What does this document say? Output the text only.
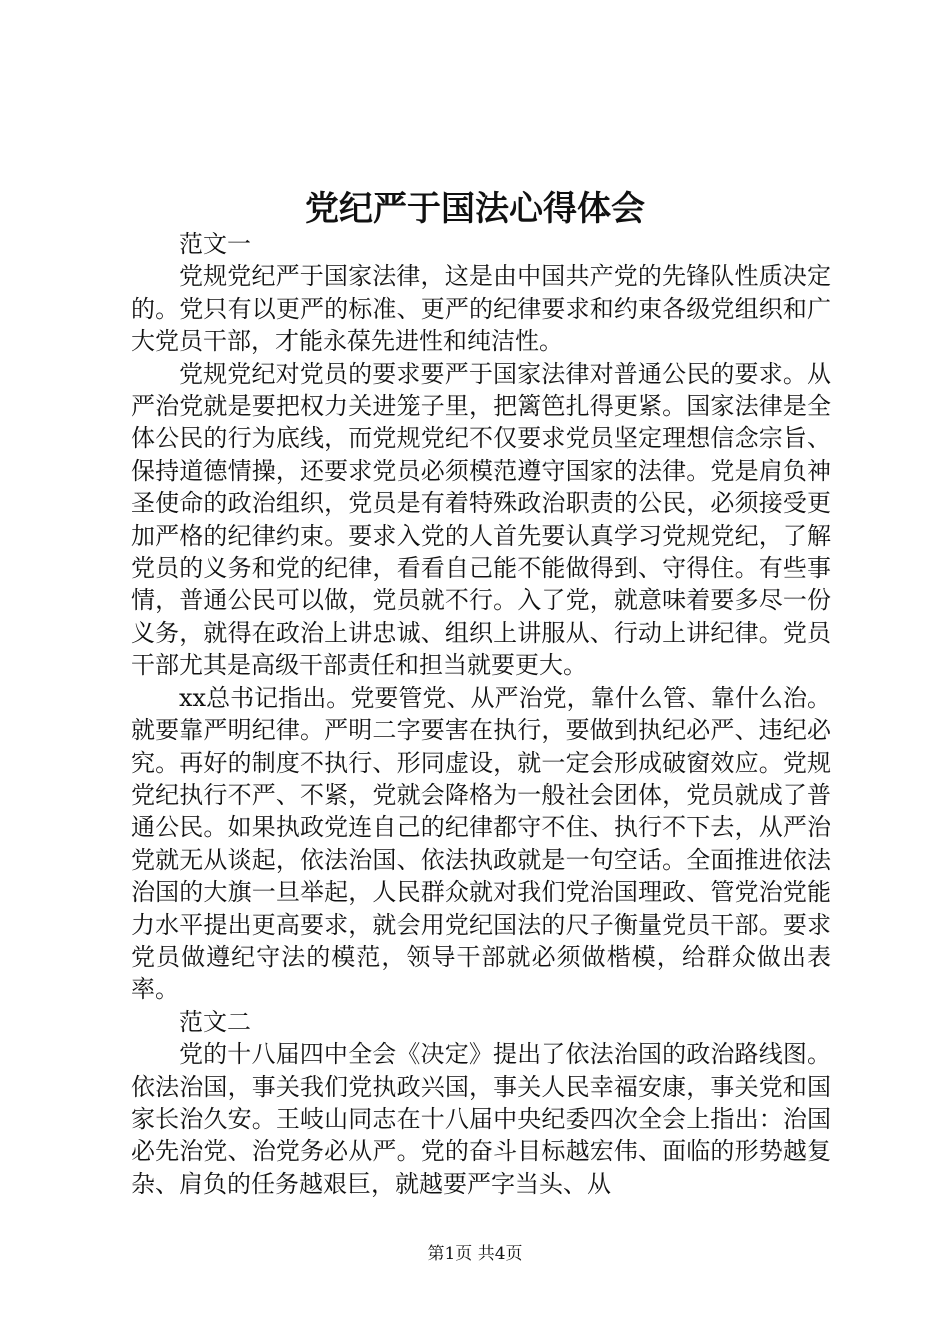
党纪严于国法心得体会

范文一

党规党纪严于国家法律，这是由中国共产党的先锋队性质决定的。党只有以更严的标准、更严的纪律要求和约束各级党组织和广大党员干部，才能永葆先进性和纯洁性。

党规党纪对党员的要求要严于国家法律对普通公民的要求。从严治党就是要把权力关进笼子里，把篱笆扎得更紧。国家法律是全体公民的行为底线，而党规党纪不仅要求党员坚定理想信念宗旨、保持道德情操，还要求党员必须模范遵守国家的法律。党是肩负神圣使命的政治组织，党员是有着特殊政治职责的公民，必须接受更加严格的纪律约束。要求入党的人首先要认真学习党规党纪，了解党员的义务和党的纪律，看看自己能不能做得到、守得住。有些事情，普通公民可以做，党员就不行。入了党，就意味着要多尽一份义务，就得在政治上讲忠诚、组织上讲服从、行动上讲纪律。党员干部尤其是高级干部责任和担当就要更大。

xx总书记指出。党要管党、从严治党，靠什么管、靠什么治。就要靠严明纪律。严明二字要害在执行，要做到执纪必严、违纪必究。再好的制度不执行、形同虚设，就一定会形成破窗效应。党规党纪执行不严、不紧，党就会降格为一般社会团体，党员就成了普通公民。如果执政党连自己的纪律都守不住、执行不下去，从严治党就无从谈起，依法治国、依法执政就是一句空话。全面推进依法治国的大旗一旦举起，人民群众就对我们党治国理政、管党治党能力水平提出更高要求，就会用党纪国法的尺子衡量党员干部。要求党员做遵纪守法的模范，领导干部就必须做楷模，给群众做出表率。

范文二

党的十八届四中全会《决定》提出了依法治国的政治路线图。依法治国，事关我们党执政兴国，事关人民幸福安康，事关党和国家长治久安。王岐山同志在十八届中央纪委四次全会上指出：治国必先治党、治党务必从严。党的奋斗目标越宏伟、面临的形势越复杂、肩负的任务越艰巨，就越要严字当头、从

第1页 共4页
